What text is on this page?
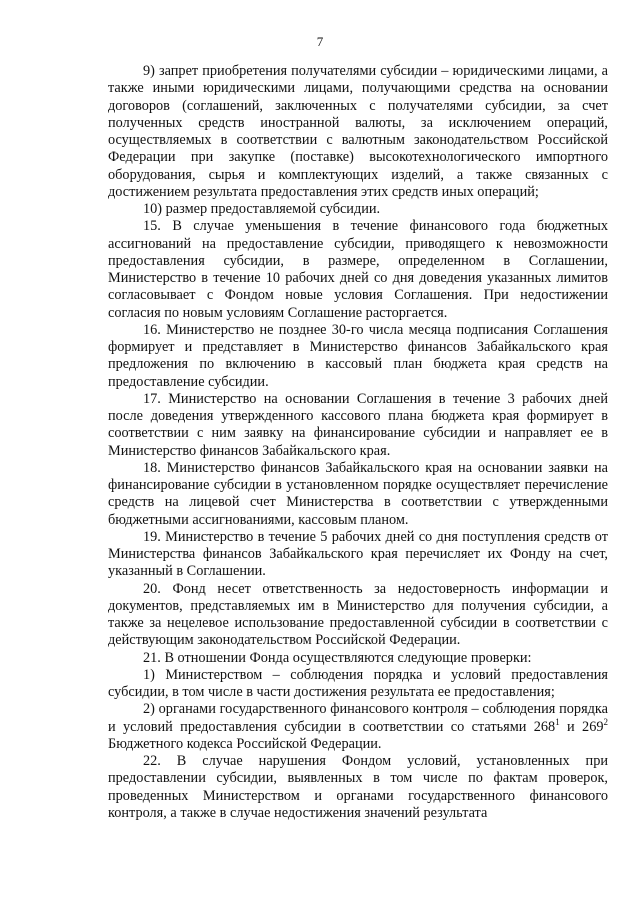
7

9) запрет приобретения получателями субсидии – юридическими лицами, а также иными юридическими лицами, получающими средства на основании договоров (соглашений, заключенных с получателями субсидии, за счет полученных средств иностранной валюты, за исключением операций, осуществляемых в соответствии с валютным законодательством Российской Федерации при закупке (поставке) высокотехнологического импортного оборудования, сырья и комплектующих изделий, а также связанных с достижением результата предоставления этих средств иных операций;

10) размер предоставляемой субсидии.

15. В случае уменьшения в течение финансового года бюджетных ассигнований на предоставление субсидии, приводящего к невозможности предоставления субсидии, в размере, определенном в Соглашении, Министерство в течение 10 рабочих дней со дня доведения указанных лимитов согласовывает с Фондом новые условия Соглашения. При недостижении согласия по новым условиям Соглашение расторгается.

16. Министерство не позднее 30-го числа месяца подписания Соглашения формирует и представляет в Министерство финансов Забайкальского края предложения по включению в кассовый план бюджета края средств на предоставление субсидии.

17. Министерство на основании Соглашения в течение 3 рабочих дней после доведения утвержденного кассового плана бюджета края формирует в соответствии с ним заявку на финансирование субсидии и направляет ее в Министерство финансов Забайкальского края.

18. Министерство финансов Забайкальского края на основании заявки на финансирование субсидии в установленном порядке осуществляет перечисление средств на лицевой счет Министерства в соответствии с утвержденными бюджетными ассигнованиями, кассовым планом.

19. Министерство в течение 5 рабочих дней со дня поступления средств от Министерства финансов Забайкальского края перечисляет их Фонду на счет, указанный в Соглашении.

20. Фонд несет ответственность за недостоверность информации и документов, представляемых им в Министерство для получения субсидии, а также за нецелевое использование предоставленной субсидии в соответствии с действующим законодательством Российской Федерации.

21. В отношении Фонда осуществляются следующие проверки:

1) Министерством – соблюдения порядка и условий предоставления субсидии, в том числе в части достижения результата ее предоставления;

2) органами государственного финансового контроля – соблюдения порядка и условий предоставления субсидии в соответствии со статьями $268^1$ и $269^2$ Бюджетного кодекса Российской Федерации.

22. В случае нарушения Фондом условий, установленных при предоставлении субсидии, выявленных в том числе по фактам проверок, проведенных Министерством и органами государственного финансового контроля, а также в случае недостижения значений результата
